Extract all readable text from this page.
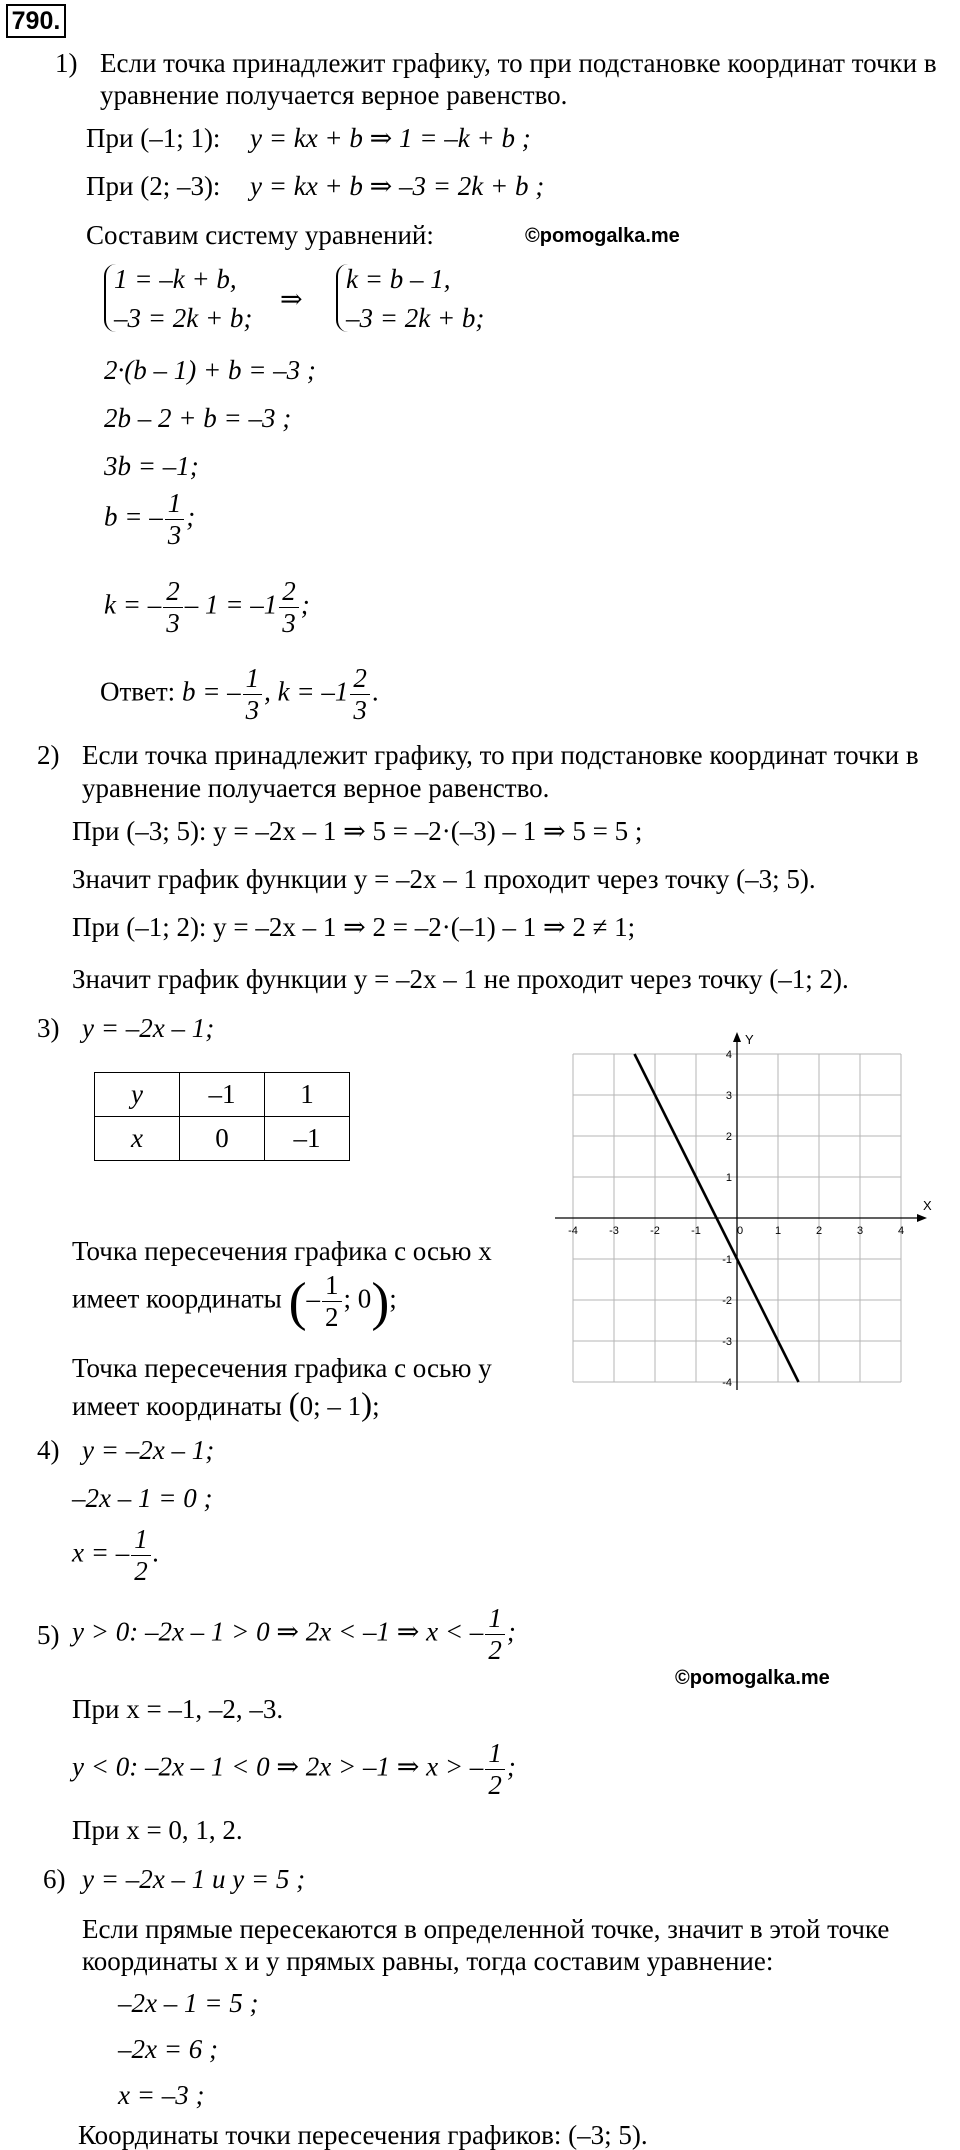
790.
1) Если точка принадлежит графику, то при подстановке координат точки в
уравнение получается верное равенство.
При (–1; 1): y = kx + b ⇒ 1 = –k + b ;
При (2; –3): y = kx + b ⇒ –3 = 2k + b ;
Составим систему уравнений:	©pomogalka.me
1 = –k + b,
–3 = 2k + b;
⇒
k = b – 1,
–3 = 2k + b;
2·(b – 1) + b = –3 ;
2b – 2 + b = –3 ;
3b = –1;
b = – $\frac{1}{3}$ ;
k = – $\frac{2}{3} - 1 = -1 \frac{2}{3}$ ;
Ответ: b = – $\frac{1}{3}$ , $k = -1 \frac{2}{3}$ .
2) Если точка принадлежит графику, то при подстановке координат точки в
уравнение получается верное равенство.
При (–3; 5): y = –2x – 1 ⇒ 5 = –2·(–3) – 1 ⇒ 5 = 5 ;
Значит график функции y = –2x – 1 проходит через точку (–3; 5).
При (–1; 2): y = –2x – 1 ⇒ 2 = –2·(–1) – 1 ⇒ 2 ≠ 1;
Значит график функции y = –2x – 1 не проходит через точку (–1; 2).
3) y = –2x – 1;
y	–1	1
x	0	–1
Точка пересечения графика с осью x
имеет координаты (– $\frac{1}{2}$ ; 0);
Точка пересечения графика с осью y
имеет координаты (0; – 1);
X
Y
-4	-3	-2	-1	0	1	2	3	4
4
3
2
1
-1
-2
-3
-4
4) y = –2x – 1;
–2x – 1 = 0 ;
x = – $\frac{1}{2}$ .
5) y > 0: –2x – 1 > 0 ⇒ 2x < –1 ⇒ x < – $\frac{1}{2}$ ;
©pomogalka.me
При x = –1, –2, –3.
y < 0: –2x – 1 < 0 ⇒ 2x > –1 ⇒ x > – $\frac{1}{2}$ ;
При x = 0, 1, 2.
6) y = –2x – 1 и y = 5 ;
Если прямые пересекаются в определенной точке, значит в этой точке
координаты x и y прямых равны, тогда составим уравнение:
–2x – 1 = 5 ;
–2x = 6 ;
x = –3 ;
Координаты точки пересечения графиков: (–3; 5).
